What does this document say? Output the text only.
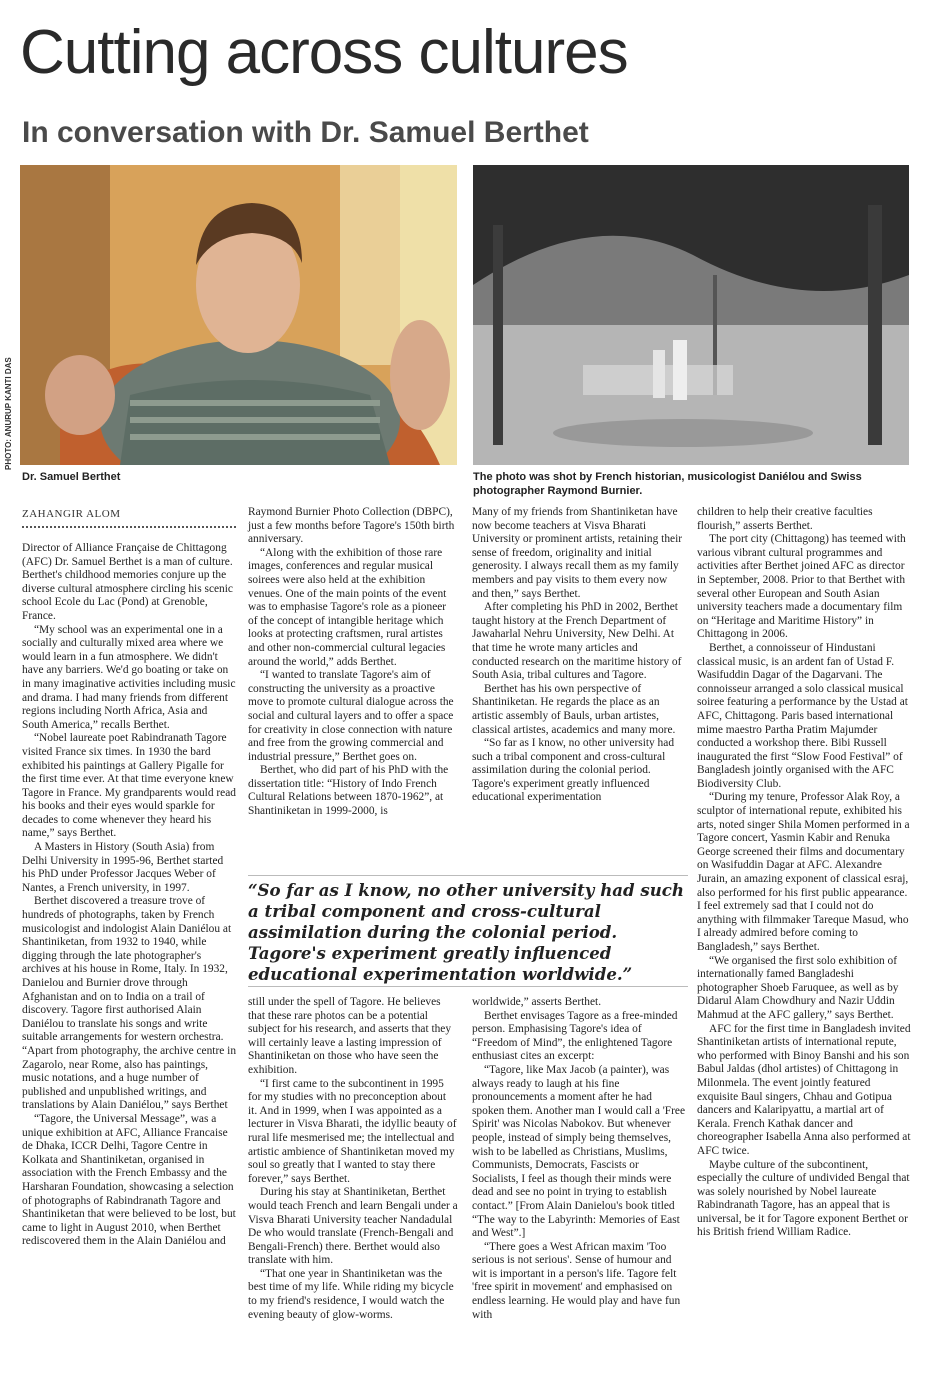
Cutting across cultures
In conversation with Dr. Samuel Berthet
PHOTO: ANURUP KANTI DAS
Dr. Samuel Berthet	The photo was shot by French historian, musicologist Daniélou and Swiss photographer Raymond Burnier.
ZAHANGIR ALOM

Director of Alliance Française de Chittagong (AFC) Dr. Samuel Berthet is a man of culture. Berthet's childhood memories conjure up the diverse cultural atmosphere circling his scenic school Ecole du Lac (Pond) at Grenoble, France.

“My school was an experimental one in a socially and culturally mixed area where we would learn in a fun atmosphere. We didn't have any barriers. We'd go boating or take on in many imaginative activities including music and drama. I had many friends from different regions including North Africa, Asia and South America,” recalls Berthet.

“Nobel laureate poet Rabindranath Tagore visited France six times. In 1930 the bard exhibited his paintings at Gallery Pigalle for the first time ever. At that time everyone knew Tagore in France. My grandparents would read his books and their eyes would sparkle for decades to come whenever they heard his name,” says Berthet.

A Masters in History (South Asia) from Delhi University in 1995-96, Berthet started his PhD under Professor Jacques Weber of Nantes, a French university, in 1997.

Berthet discovered a treasure trove of hundreds of photographs, taken by French musicologist and indologist Alain Daniélou at Shantiniketan, from 1932 to 1940, while digging through the late photographer's archives at his house in Rome, Italy. In 1932, Danielou and Burnier drove through Afghanistan and on to India on a trail of discovery. Tagore first authorised Alain Daniélou to translate his songs and write suitable arrangements for western orchestra. “Apart from photography, the archive centre in Zagarolo, near Rome, also has paintings, music notations, and a huge number of published and unpublished writings, and translations by Alain Daniélou,” says Berthet

“Tagore, the Universal Message”, was a unique exhibition at AFC, Alliance Francaise de Dhaka, ICCR Delhi, Tagore Centre in Kolkata and Shantiniketan, organised in association with the French Embassy and the Harsharan Foundation, showcasing a selection of photographs of Rabindranath Tagore and Shantiniketan that were believed to be lost, but came to light in August 2010, when Berthet rediscovered them in the Alain Daniélou and

Raymond Burnier Photo Collection (DBPC), just a few months before Tagore's 150th birth anniversary.

“Along with the exhibition of those rare images, conferences and regular musical soirees were also held at the exhibition venues. One of the main points of the event was to emphasise Tagore's role as a pioneer of the concept of intangible heritage which looks at protecting craftsmen, rural artistes and other non-commercial cultural legacies around the world,” adds Berthet.

“I wanted to translate Tagore's aim of constructing the university as a proactive move to promote cultural dialogue across the social and cultural layers and to offer a space for creativity in close connection with nature and free from the growing commercial and industrial pressure,” Berthet goes on.

Berthet, who did part of his PhD with the dissertation title: “History of Indo French Cultural Relations between 1870-1962”, at Shantiniketan in 1999-2000, is

Many of my friends from Shantiniketan have now become teachers at Visva Bharati University or prominent artists, retaining their sense of freedom, originality and initial generosity. I always recall them as my family members and pay visits to them every now and then,” says Berthet.

After completing his PhD in 2002, Berthet taught history at the French Department of Jawaharlal Nehru University, New Delhi. At that time he wrote many articles and conducted research on the maritime history of South Asia, tribal cultures and Tagore.

Berthet has his own perspective of Shantiniketan. He regards the place as an artistic assembly of Bauls, urban artistes, classical artistes, academics and many more.

“So far as I know, no other university had such a tribal component and cross-cultural assimilation during the colonial period. Tagore's experiment greatly influenced educational experimentation

children to help their creative faculties flourish,” asserts Berthet.

The port city (Chittagong) has teemed with various vibrant cultural programmes and activities after Berthet joined AFC as director in September, 2008. Prior to that Berthet with several other European and South Asian university teachers made a documentary film on “Heritage and Maritime History” in Chittagong in 2006.

Berthet, a connoisseur of Hindustani classical music, is an ardent fan of Ustad F. Wasifuddin Dagar of the Dagarvani. The connoisseur arranged a solo classical musical soiree featuring a performance by the Ustad at AFC, Chittagong. Paris based international mime maestro Partha Pratim Majumder conducted a workshop there. Bibi Russell inaugurated the first “Slow Food Festival” of Bangladesh jointly organised with the AFC Biodiversity Club.

“During my tenure, Professor Alak Roy, a sculptor of international repute, exhibited his arts, noted singer Shila Momen performed in a Tagore concert, Yasmin Kabir and Renuka George screened their films and documentary on Wasifuddin Dagar at AFC. Alexandre Jurain, an amazing exponent of classical esraj, also performed for his first public appearance. I feel extremely sad that I could not do anything with filmmaker Tareque Masud, who I already admired before coming to Bangladesh,” says Berthet.

“We organised the first solo exhibition of internationally famed Bangladeshi photographer Shoeb Faruquee, as well as by Didarul Alam Chowdhury and Nazir Uddin Mahmud at the AFC gallery,” says Berthet.

AFC for the first time in Bangladesh invited Shantiniketan artists of international repute, who performed with Binoy Banshi and his son Babul Jaldas (dhol artistes) of Chittagong in Milonmela. The event jointly featured exquisite Baul singers, Chhau and Gotipua dancers and Kalaripyattu, a martial art of Kerala. French Kathak dancer and choreographer Isabella Anna also performed at AFC twice.

Maybe culture of the subcontinent, especially the culture of undivided Bengal that was solely nourished by Nobel laureate Rabindranath Tagore, has an appeal that is universal, be it for Tagore exponent Berthet or his British friend William Radice.

“So far as I know, no other university had such a tribal component and cross-cultural assimilation during the colonial period. Tagore's experiment greatly influenced educational experimentation worldwide.”

still under the spell of Tagore. He believes that these rare photos can be a potential subject for his research, and asserts that they will certainly leave a lasting impression of Shantiniketan on those who have seen the exhibition.

“I first came to the subcontinent in 1995 for my studies with no preconception about it. And in 1999, when I was appointed as a lecturer in Visva Bharati, the idyllic beauty of rural life mesmerised me; the intellectual and artistic ambience of Shantiniketan moved my soul so greatly that I wanted to stay there forever,” says Berthet.

During his stay at Shantiniketan, Berthet would teach French and learn Bengali under a Visva Bharati University teacher Nandadulal De who would translate (French-Bengali and Bengali-French) there. Berthet would also translate with him.

“That one year in Shantiniketan was the best time of my life. While riding my bicycle to my friend's residence, I would watch the evening beauty of glow-worms.

worldwide,” asserts Berthet.

Berthet envisages Tagore as a free-minded person. Emphasising Tagore's idea of “Freedom of Mind”, the enlightened Tagore enthusiast cites an excerpt:

“Tagore, like Max Jacob (a painter), was always ready to laugh at his fine pronouncements a moment after he had spoken them. Another man I would call a 'Free Spirit' was Nicolas Nabokov. But whenever people, instead of simply being themselves, wish to be labelled as Christians, Muslims, Communists, Democrats, Fascists or Socialists, I feel as though their minds were dead and see no point in trying to establish contact.” [From Alain Danielou's book titled “The way to the Labyrinth: Memories of East and West”.]

“There goes a West African maxim 'Too serious is not serious'. Sense of humour and wit is important in a person's life. Tagore felt 'free spirit in movement' and emphasised on endless learning. He would play and have fun with
